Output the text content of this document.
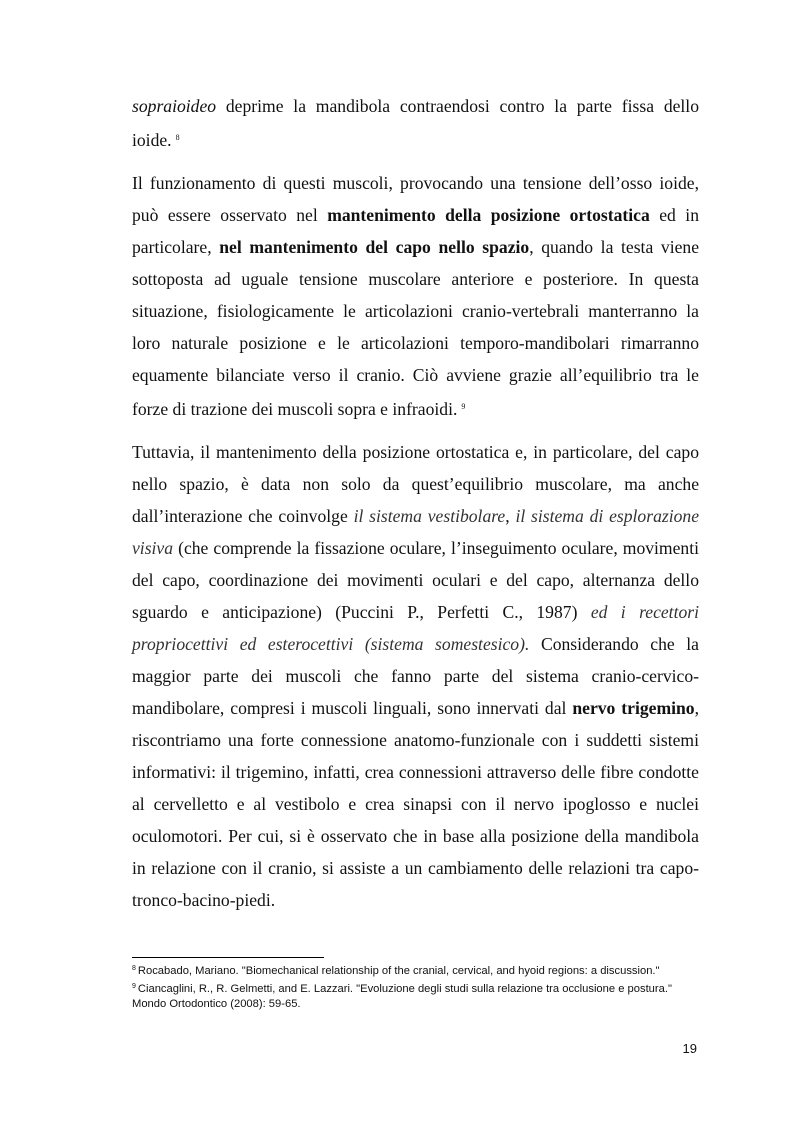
sopraioideo deprime la mandibola contraendosi contro la parte fissa dello ioide. $^8$

Il funzionamento di questi muscoli, provocando una tensione dell’osso ioide, può essere osservato nel mantenimento della posizione ortostatica ed in particolare, nel mantenimento del capo nello spazio, quando la testa viene sottoposta ad uguale tensione muscolare anteriore e posteriore. In questa situazione, fisiologicamente le articolazioni cranio-vertebrali manterranno la loro naturale posizione e le articolazioni temporo-mandibolari rimarranno equamente bilanciate verso il cranio. Ciò avviene grazie all’equilibrio tra le forze di trazione dei muscoli sopra e infraoidi. $^9$

Tuttavia, il mantenimento della posizione ortostatica e, in particolare, del capo nello spazio, è data non solo da quest’equilibrio muscolare, ma anche dall’interazione che coinvolge il sistema vestibolare, il sistema di esplorazione visiva (che comprende la fissazione oculare, l’inseguimento oculare, movimenti del capo, coordinazione dei movimenti oculari e del capo, alternanza dello sguardo e anticipazione) (Puccini P., Perfetti C., 1987) ed i recettori propriocettivi ed esterocettivi (sistema somestesico). Considerando che la maggior parte dei muscoli che fanno parte del sistema cranio-cervico-mandibolare, compresi i muscoli linguali, sono innervati dal nervo trigemino, riscontriamo una forte connessione anatomo-funzionale con i suddetti sistemi informativi: il trigemino, infatti, crea connessioni attraverso delle fibre condotte al cervelletto e al vestibolo e crea sinapsi con il nervo ipoglosso e nuclei oculomotori. Per cui, si è osservato che in base alla posizione della mandibola in relazione con il cranio, si assiste a un cambiamento delle relazioni tra capo-tronco-bacino-piedi.

$^8$ Rocabado, Mariano. "Biomechanical relationship of the cranial, cervical, and hyoid regions: a discussion."

$^9$ Ciancaglini, R., R. Gelmetti, and E. Lazzari. "Evoluzione degli studi sulla relazione tra occlusione e postura." Mondo Ortodontico (2008): 59-65.

19
